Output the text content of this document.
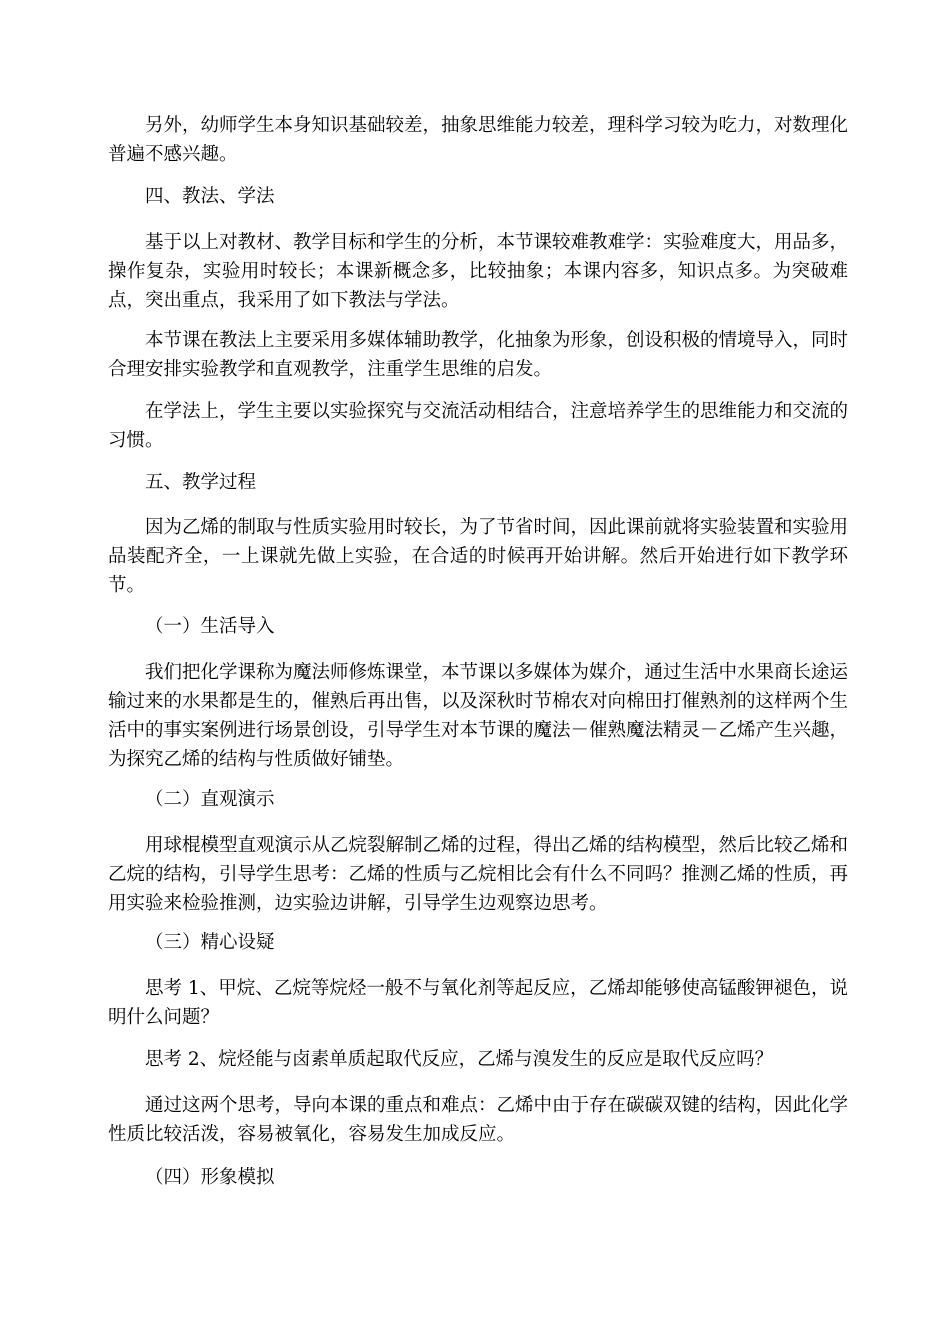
另外，幼师学生本身知识基础较差，抽象思维能力较差，理科学习较为吃力，对数理化普遍不感兴趣。

四、教法、学法

基于以上对教材、教学目标和学生的分析，本节课较难教难学：实验难度大，用品多，操作复杂，实验用时较长；本课新概念多，比较抽象；本课内容多，知识点多。为突破难点，突出重点，我采用了如下教法与学法。

本节课在教法上主要采用多媒体辅助教学，化抽象为形象，创设积极的情境导入，同时合理安排实验教学和直观教学，注重学生思维的启发。

在学法上，学生主要以实验探究与交流活动相结合，注意培养学生的思维能力和交流的习惯。

五、教学过程

因为乙烯的制取与性质实验用时较长，为了节省时间，因此课前就将实验装置和实验用品装配齐全，一上课就先做上实验，在合适的时候再开始讲解。然后开始进行如下教学环节。

（一）生活导入

我们把化学课称为魔法师修炼课堂，本节课以多媒体为媒介，通过生活中水果商长途运输过来的水果都是生的，催熟后再出售，以及深秋时节棉农对向棉田打催熟剂的这样两个生活中的事实案例进行场景创设，引导学生对本节课的魔法－催熟魔法精灵－乙烯产生兴趣，为探究乙烯的结构与性质做好铺垫。

（二）直观演示

用球棍模型直观演示从乙烷裂解制乙烯的过程，得出乙烯的结构模型，然后比较乙烯和乙烷的结构，引导学生思考：乙烯的性质与乙烷相比会有什么不同吗？推测乙烯的性质，再用实验来检验推测，边实验边讲解，引导学生边观察边思考。

（三）精心设疑

思考 1、甲烷、乙烷等烷烃一般不与氧化剂等起反应，乙烯却能够使高锰酸钾褪色，说明什么问题？

思考 2、烷烃能与卤素单质起取代反应，乙烯与溴发生的反应是取代反应吗？

通过这两个思考，导向本课的重点和难点：乙烯中由于存在碳碳双键的结构，因此化学性质比较活泼，容易被氧化，容易发生加成反应。

（四）形象模拟
